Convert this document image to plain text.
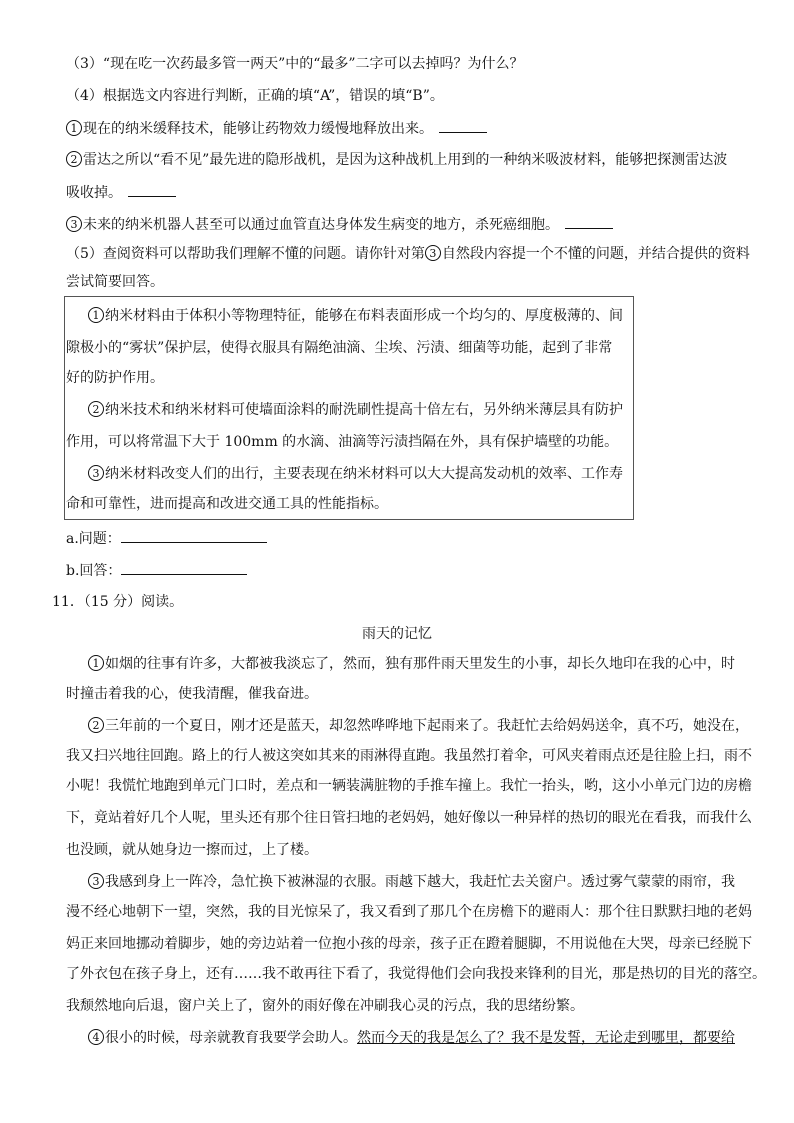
（3）“现在吃一次药最多管一两天”中的“最多”二字可以去掉吗？为什么？
（4）根据选文内容进行判断，正确的填“A”，错误的填“B”。
1 现在的纳米缓释技术，能够让药物效力缓慢地释放出来。
2 雷达之所以“看不见”最先进的隐形战机，是因为这种战机上用到的一种纳米吸波材料，能够把探测雷达波
吸收掉。
3 未来的纳米机器人甚至可以通过血管直达身体发生病变的地方，杀死癌细胞。
（5）查阅资料可以帮助我们理解不懂的问题。请你针对第 3 自然段内容提一个不懂的问题，并结合提供的资料
尝试简要回答。
1 纳米材料由于体积小等物理特征，能够在布料表面形成一个均匀的、厚度极薄的、间
隙极小的“雾状”保护层，使得衣服具有隔绝油滴、尘埃、污渍、细菌等功能，起到了非常
好的防护作用。
2 纳米技术和纳米材料可使墙面涂料的耐洗刷性提高十倍左右，另外纳米薄层具有防护
作用，可以将常温下大于 100mm 的水滴、油滴等污渍挡隔在外，具有保护墙壁的功能。
3 纳米材料改变人们的出行，主要表现在纳米材料可以大大提高发动机的效率、工作寿
命和可靠性，进而提高和改进交通工具的性能指标。
a.问题：
b.回答：
11．（15 分）阅读。
雨天的记忆
1 如烟的往事有许多，大都被我淡忘了，然而，独有那件雨天里发生的小事，却长久地印在我的心中，时
时撞击着我的心，使我清醒，催我奋进。
2 三年前的一个夏日，刚才还是蓝天，却忽然哗哗地下起雨来了。我赶忙去给妈妈送伞，真不巧，她没在，
我又扫兴地往回跑。路上的行人被这突如其来的雨淋得直跑。我虽然打着伞，可风夹着雨点还是往脸上扫，雨不
小呢！我慌忙地跑到单元门口时，差点和一辆装满脏物的手推车撞上。我忙一抬头，哟，这小小单元门边的房檐
下，竟站着好几个人呢，里头还有那个往日管扫地的老妈妈，她好像以一种异样的热切的眼光在看我，而我什么
也没顾，就从她身边一擦而过，上了楼。
3 我感到身上一阵冷，急忙换下被淋湿的衣服。雨越下越大，我赶忙去关窗户。透过雾气蒙蒙的雨帘，我
漫不经心地朝下一望，突然，我的目光惊呆了，我又看到了那几个在房檐下的避雨人：那个往日默默扫地的老妈
妈正来回地挪动着脚步，她的旁边站着一位抱小孩的母亲，孩子正在蹬着腿脚，不用说他在大哭，母亲已经脱下
了外衣包在孩子身上，还有……我不敢再往下看了，我觉得他们会向我投来锋利的目光，那是热切的目光的落空。
我颓然地向后退，窗户关上了，窗外的雨好像在冲刷我心灵的污点，我的思绪纷繁。
4 很小的时候，母亲就教育我要学会助人。然而今天的我是怎么了？我不是发誓，无论走到哪里，都要给
